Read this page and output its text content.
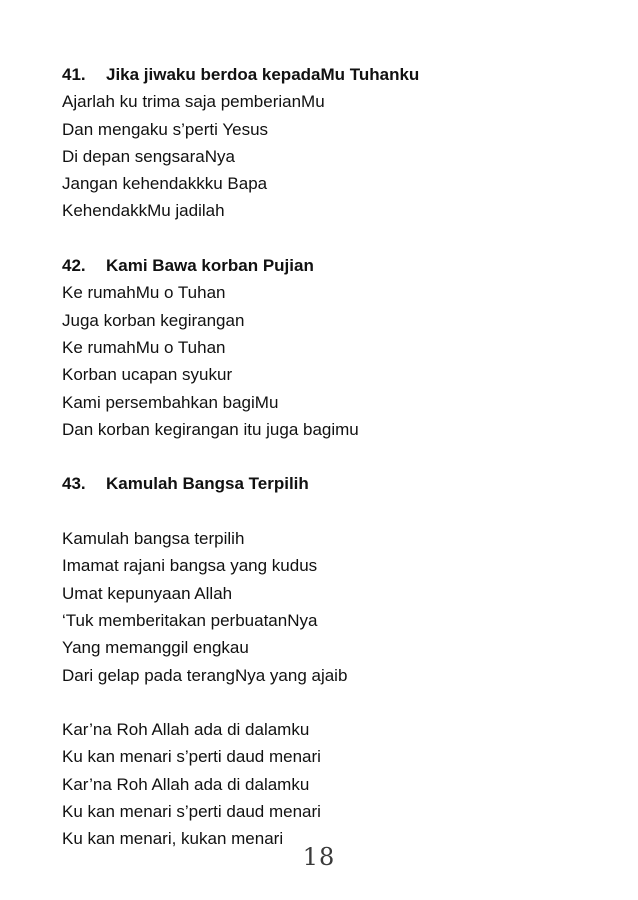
41. Jika jiwaku berdoa kepadaMu Tuhanku
Ajarlah ku trima saja pemberianMu
Dan mengaku s’perti Yesus
Di depan sengsaraNya
Jangan kehendakkku Bapa
KehendakkMu jadilah
42. Kami Bawa korban Pujian
Ke rumahMu o Tuhan
Juga korban kegirangan
Ke rumahMu o Tuhan
Korban ucapan syukur
Kami persembahkan bagiMu
Dan korban kegirangan itu juga bagimu
43. Kamulah Bangsa Terpilih
Kamulah bangsa terpilih
Imamat rajani bangsa yang kudus
Umat kepunyaan Allah
‘Tuk memberitakan perbuatanNya
Yang memanggil engkau
Dari gelap pada terangNya yang ajaib
Kar’na Roh Allah ada di dalamku
Ku kan menari s’perti daud menari
Kar’na Roh Allah ada di dalamku
Ku kan menari s’perti daud menari
Ku kan menari, kukan menari
18
